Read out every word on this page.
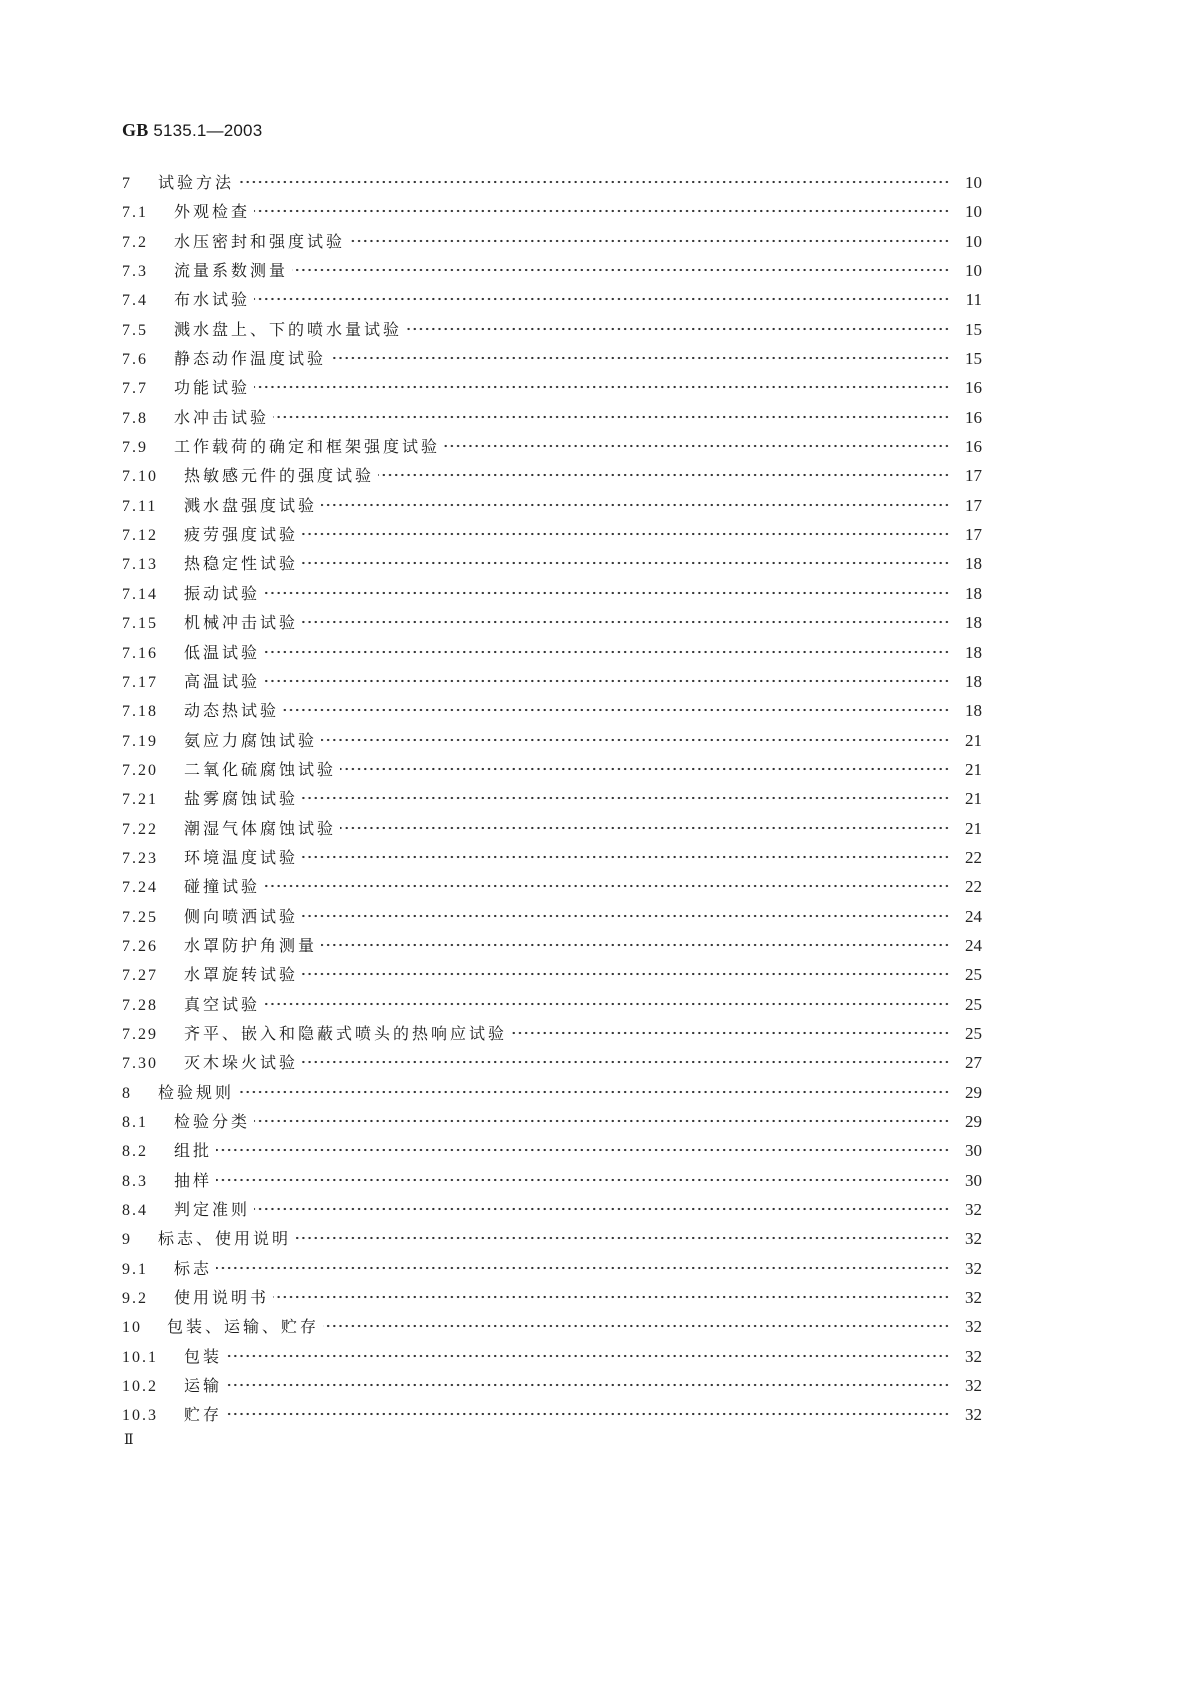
GB 5135.1—2003
7	试验方法	10
7.1	外观检查	10
7.2	水压密封和强度试验	10
7.3	流量系数测量	10
7.4	布水试验	11
7.5	溅水盘上、下的喷水量试验	15
7.6	静态动作温度试验	15
7.7	功能试验	16
7.8	水冲击试验	16
7.9	工作载荷的确定和框架强度试验	16
7.10	热敏感元件的强度试验	17
7.11	溅水盘强度试验	17
7.12	疲劳强度试验	17
7.13	热稳定性试验	18
7.14	振动试验	18
7.15	机械冲击试验	18
7.16	低温试验	18
7.17	高温试验	18
7.18	动态热试验	18
7.19	氨应力腐蚀试验	21
7.20	二氧化硫腐蚀试验	21
7.21	盐雾腐蚀试验	21
7.22	潮湿气体腐蚀试验	21
7.23	环境温度试验	22
7.24	碰撞试验	22
7.25	侧向喷洒试验	24
7.26	水罩防护角测量	24
7.27	水罩旋转试验	25
7.28	真空试验	25
7.29	齐平、嵌入和隐蔽式喷头的热响应试验	25
7.30	灭木垛火试验	27
8	检验规则	29
8.1	检验分类	29
8.2	组批	30
8.3	抽样	30
8.4	判定准则	32
9	标志、使用说明	32
9.1	标志	32
9.2	使用说明书	32
10	包装、运输、贮存	32
10.1	包装	32
10.2	运输	32
10.3	贮存	32
Ⅱ
